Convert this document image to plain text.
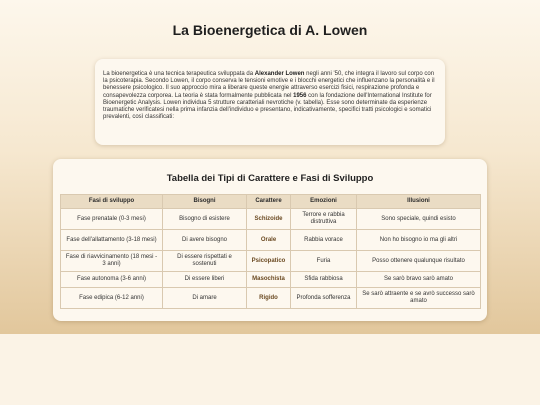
La Bioenergetica di A. Lowen
La bioenergetica è una tecnica terapeutica sviluppata da Alexander Lowen negli anni '50, che integra il lavoro sul corpo con la psicoterapia. Secondo Lowen, il corpo conserva le tensioni emotive e i blocchi energetici che influenzano la personalità e il benessere psicologico. Il suo approccio mira a liberare queste energie attraverso esercizi fisici, respirazione profonda e consapevolezza corporea. La teoria è stata formalmente pubblicata nel 1956 con la fondazione dell'International Institute for Bioenergetic Analysis. Lowen individua 5 strutture caratteriali nevrotiche (v. tabella). Esse sono determinate da esperienze traumatiche verificatesi nella prima infanzia dell'individuo e presentano, indicativamente, specifici tratti psicologici e somatici prevalenti, così classificati:
Tabella dei Tipi di Carattere e Fasi di Sviluppo
Fasi di sviluppo	Bisogni	Carattere	Emozioni	Illusioni
Fase prenatale (0-3 mesi)	Bisogno di esistere	Schizoide	Terrore e rabbia distruttiva	Sono speciale, quindi esisto
Fase dell'allattamento (3-18 mesi)	Di avere bisogno	Orale	Rabbia vorace	Non ho bisogno io ma gli altri
Fase di riavvicinamento (18 mesi - 3 anni)	Di essere rispettati e sostenuti	Psicopatico	Furia	Posso ottenere qualunque risultato
Fase autonoma (3-6 anni)	Di essere liberi	Masochista	Sfida rabbiosa	Se sarò bravo sarò amato
Fase edipica (6-12 anni)	Di amare	Rigido	Profonda sofferenza	Se sarò attraente e se avrò successo sarò amato
